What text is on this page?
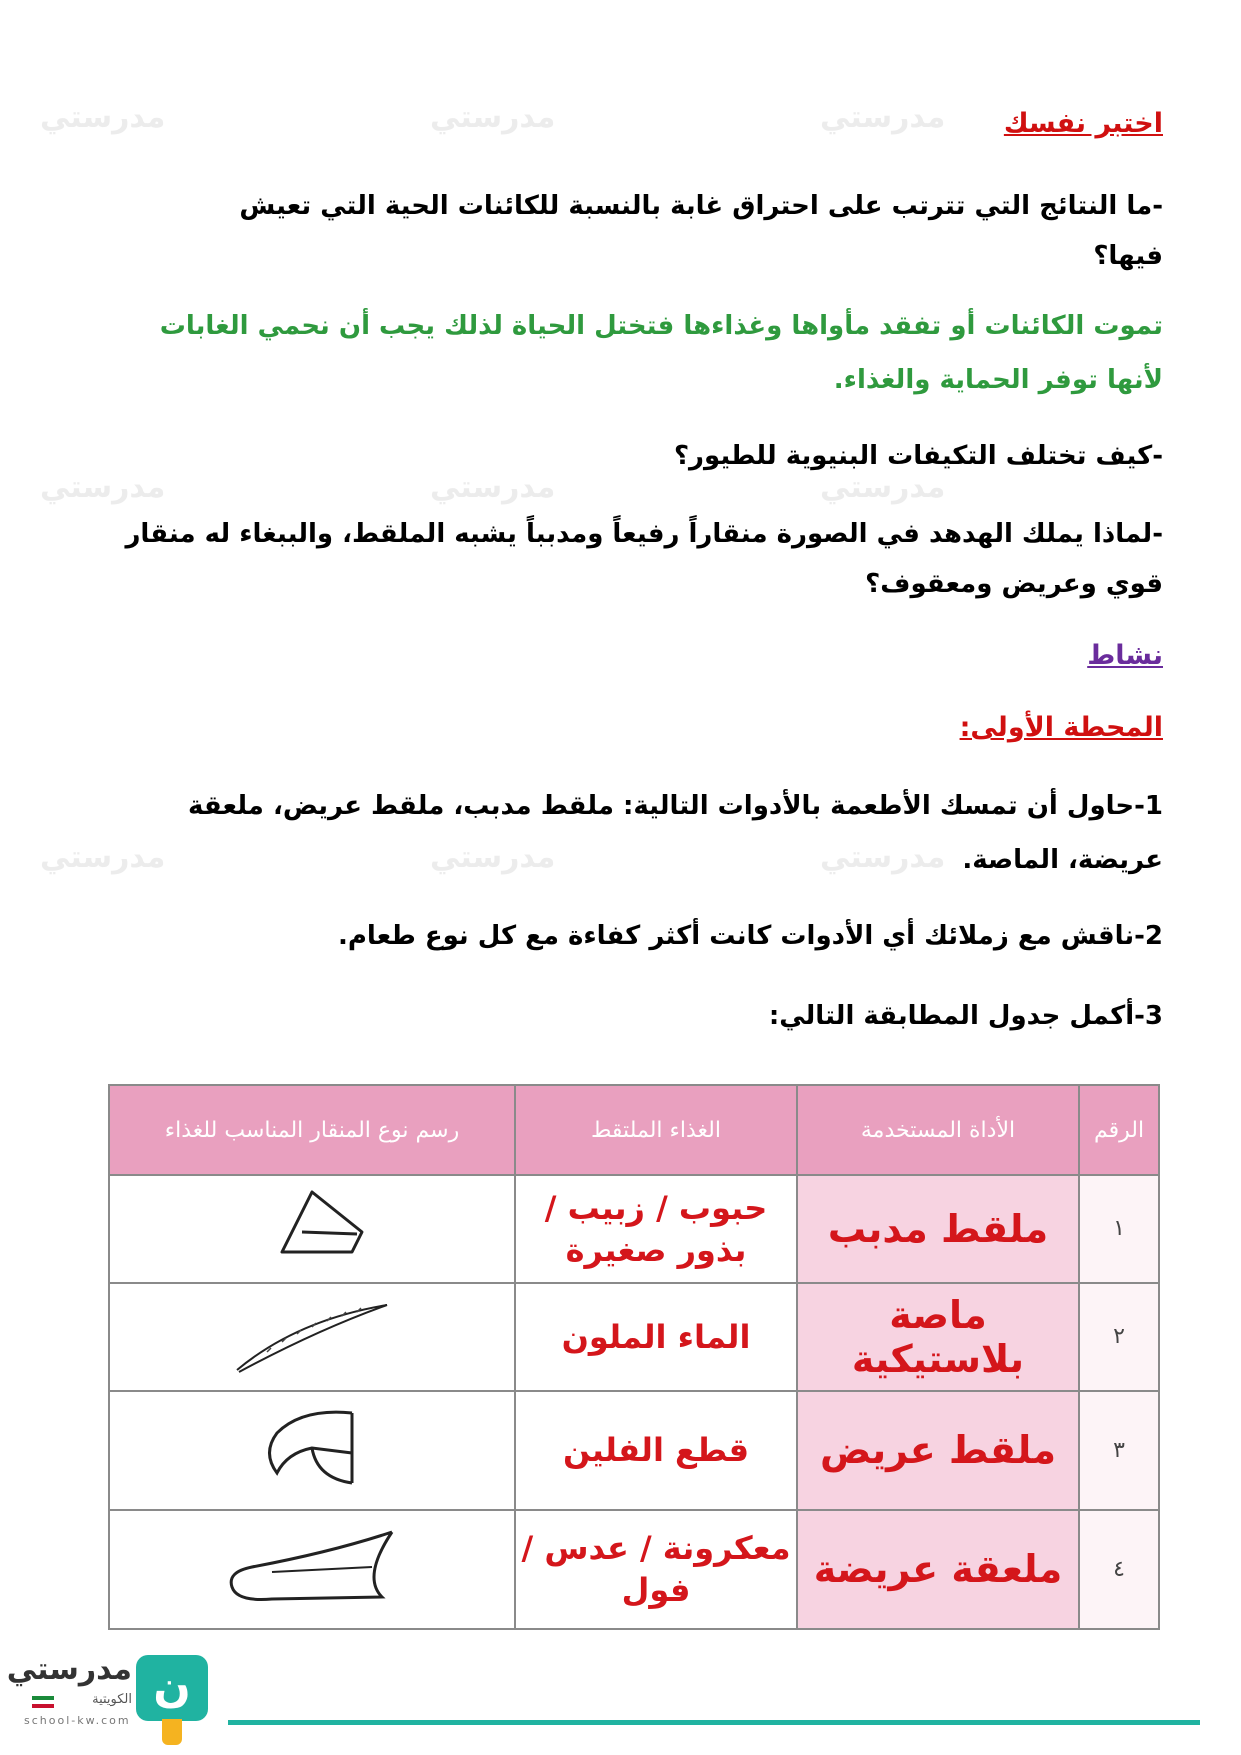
مدرستي	مدرستي	مدرستي
مدرستي	مدرستي	مدرستي
مدرستي	مدرستي	مدرستي
اختبر نفسك

-ما النتائج التي تترتب على احتراق غابة بالنسبة للكائنات الحية التي تعيش

فيها؟

تموت الكائنات أو تفقد مأواها وغذاءها فتختل الحياة لذلك يجب أن نحمي الغابات

لأنها توفر الحماية والغذاء.

-كيف تختلف التكيفات البنيوية للطيور؟

-لماذا يملك الهدهد في الصورة منقاراً رفيعاً ومدبباً يشبه الملقط، والببغاء له منقار

قوي وعريض ومعقوف؟

نشاط
المحطة الأولى:

1-حاول أن تمسك الأطعمة بالأدوات التالية: ملقط مدبب، ملقط عريض، ملعقة

عريضة، الماصة.

2-ناقش مع زملائك أي الأدوات كانت أكثر كفاءة مع كل نوع طعام.

3-أكمل جدول المطابقة التالي:

الرقم	الأداة المستخدمة	الغذاء الملتقط	رسم نوع المنقار المناسب للغذاء
١	ملقط مدبب	حبوب / زبيب / بذور صغيرة	
٢	ماصة بلاستيكية	الماء الملون	
٣	ملقط عريض	قطع الفلين	
٤	ملعقة عريضة	معكرونة / عدس / فول	
مدرستي
الكويتية
school-kw.com
ن
